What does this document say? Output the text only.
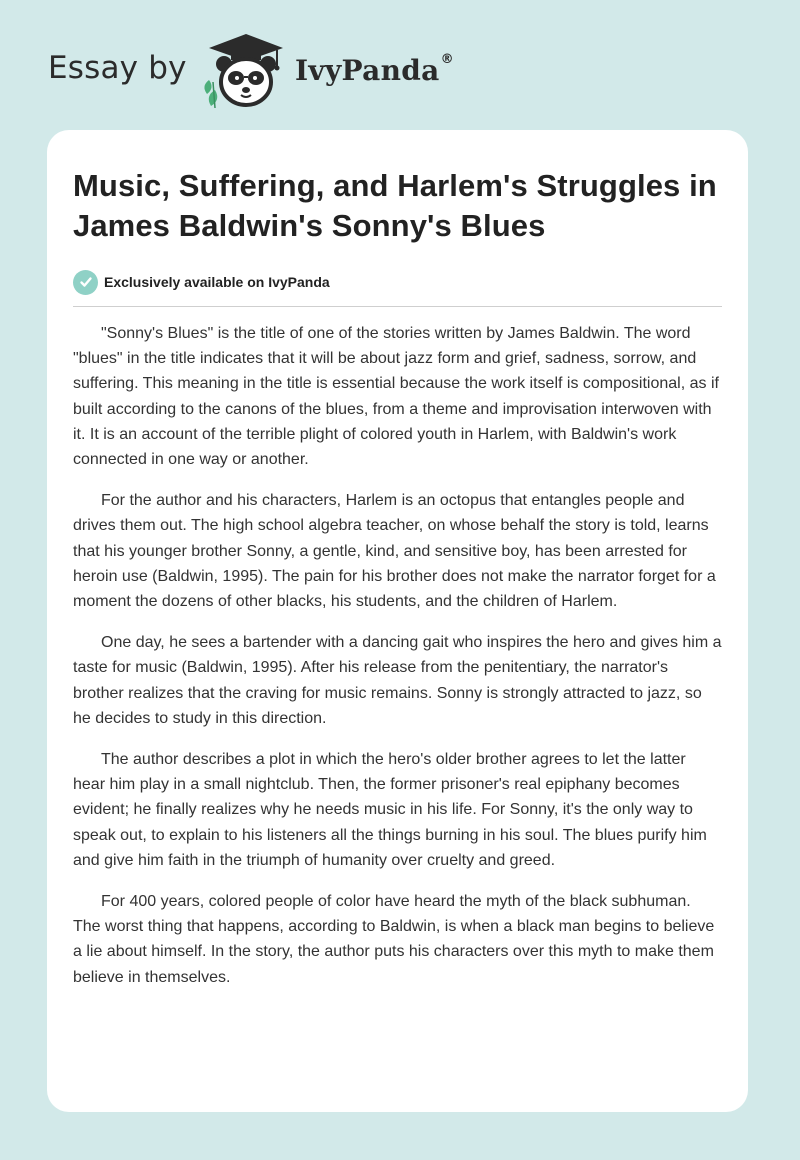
Essay by	IvyPanda®
Music, Suffering, and Harlem's Struggles in James Baldwin's Sonny's Blues
Exclusively available on IvyPanda

"Sonny's Blues" is the title of one of the stories written by James Baldwin. The word "blues" in the title indicates that it will be about jazz form and grief, sadness, sorrow, and suffering. This meaning in the title is essential because the work itself is compositional, as if built according to the canons of the blues, from a theme and improvisation interwoven with it. It is an account of the terrible plight of colored youth in Harlem, with Baldwin's work connected in one way or another.

For the author and his characters, Harlem is an octopus that entangles people and drives them out. The high school algebra teacher, on whose behalf the story is told, learns that his younger brother Sonny, a gentle, kind, and sensitive boy, has been arrested for heroin use (Baldwin, 1995). The pain for his brother does not make the narrator forget for a moment the dozens of other blacks, his students, and the children of Harlem.

One day, he sees a bartender with a dancing gait who inspires the hero and gives him a taste for music (Baldwin, 1995). After his release from the penitentiary, the narrator's brother realizes that the craving for music remains. Sonny is strongly attracted to jazz, so he decides to study in this direction.

The author describes a plot in which the hero's older brother agrees to let the latter hear him play in a small nightclub. Then, the former prisoner's real epiphany becomes evident; he finally realizes why he needs music in his life. For Sonny, it's the only way to speak out, to explain to his listeners all the things burning in his soul. The blues purify him and give him faith in the triumph of humanity over cruelty and greed.

For 400 years, colored people of color have heard the myth of the black subhuman. The worst thing that happens, according to Baldwin, is when a black man begins to believe a lie about himself. In the story, the author puts his characters over this myth to make them believe in themselves.
